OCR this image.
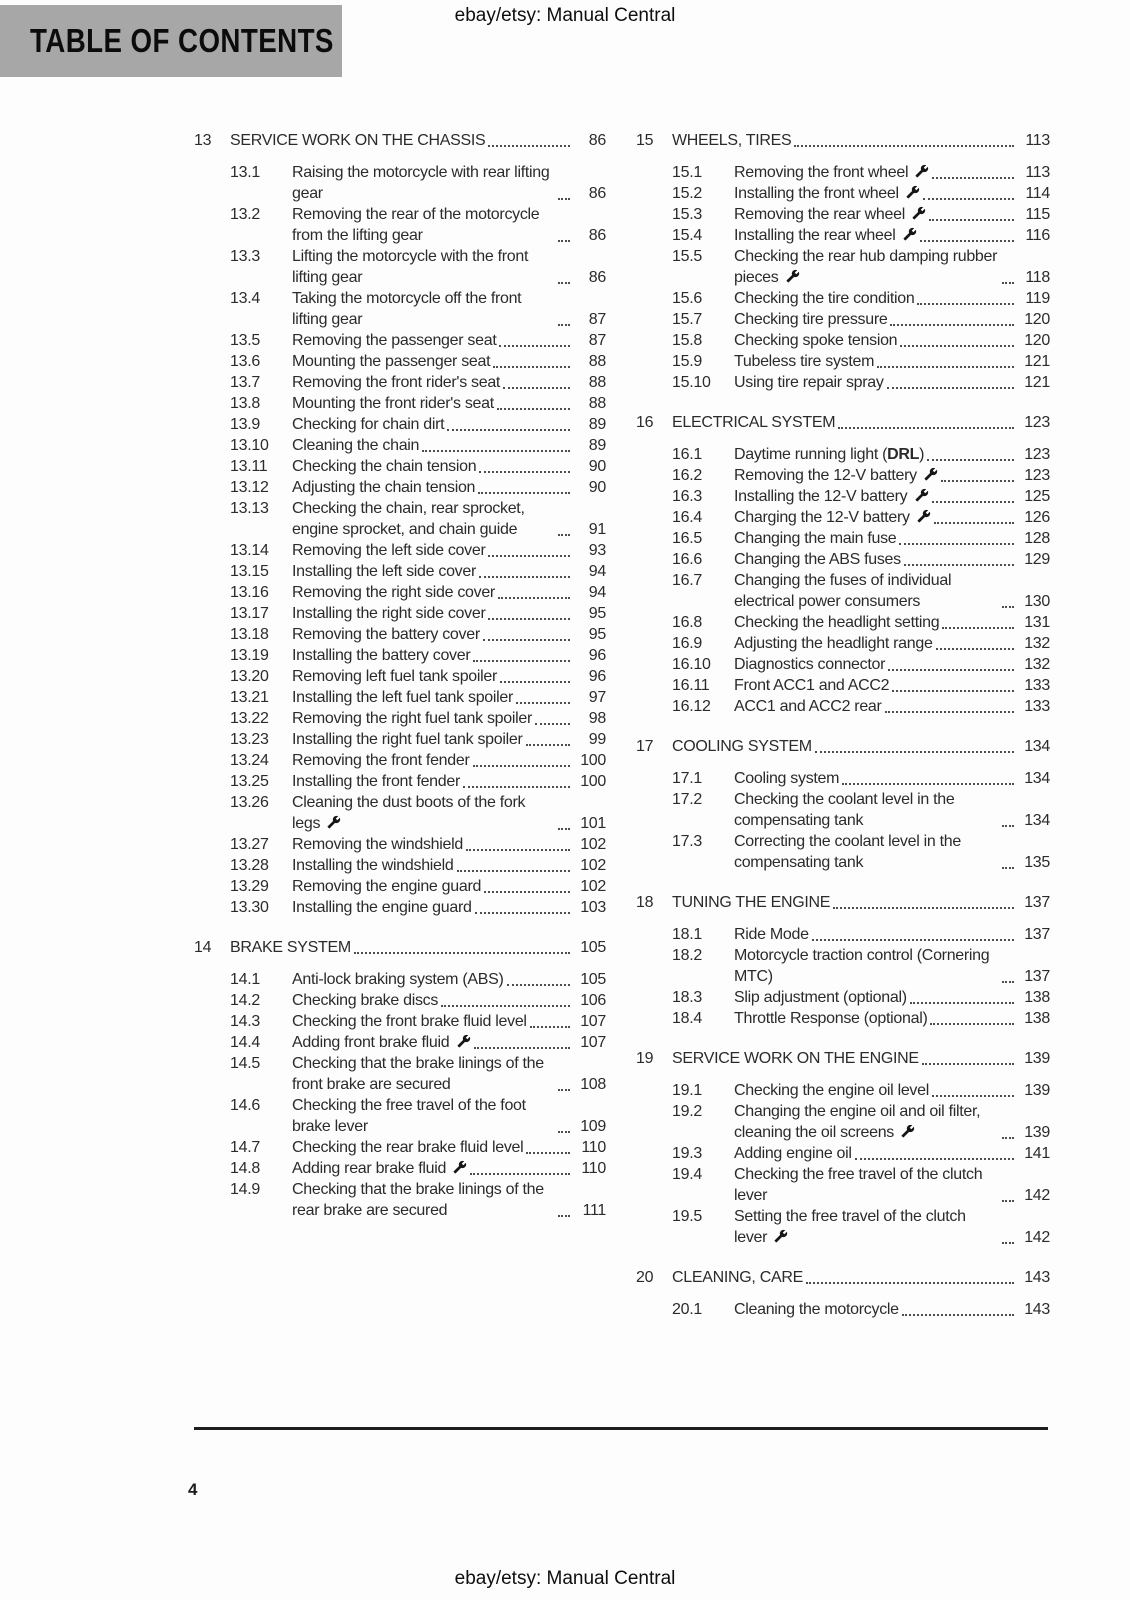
ebay/etsy: Manual Central
TABLE OF CONTENTS
13	SERVICE WORK ON THE CHASSIS	86
13.1	Raising the motorcycle with rear lifting gear	86
13.2	Removing the rear of the motorcycle from the lifting gear	86
13.3	Lifting the motorcycle with the front lifting gear	86
13.4	Taking the motorcycle off the front lifting gear	87
13.5	Removing the passenger seat	87
13.6	Mounting the passenger seat	88
13.7	Removing the front rider's seat	88
13.8	Mounting the front rider's seat	88
13.9	Checking for chain dirt	89
13.10	Cleaning the chain	89
13.11	Checking the chain tension	90
13.12	Adjusting the chain tension	90
13.13	Checking the chain, rear sprocket, engine sprocket, and chain guide	91
13.14	Removing the left side cover	93
13.15	Installing the left side cover	94
13.16	Removing the right side cover	94
13.17	Installing the right side cover	95
13.18	Removing the battery cover	95
13.19	Installing the battery cover	96
13.20	Removing left fuel tank spoiler	96
13.21	Installing the left fuel tank spoiler	97
13.22	Removing the right fuel tank spoiler	98
13.23	Installing the right fuel tank spoiler	99
13.24	Removing the front fender	100
13.25	Installing the front fender	100
13.26	Cleaning the dust boots of the fork legs	101
13.27	Removing the windshield	102
13.28	Installing the windshield	102
13.29	Removing the engine guard	102
13.30	Installing the engine guard	103
14	BRAKE SYSTEM	105
14.1	Anti-lock braking system (ABS)	105
14.2	Checking brake discs	106
14.3	Checking the front brake fluid level	107
14.4	Adding front brake fluid	107
14.5	Checking that the brake linings of the front brake are secured	108
14.6	Checking the free travel of the foot brake lever	109
14.7	Checking the rear brake fluid level	110
14.8	Adding rear brake fluid	110
14.9	Checking that the brake linings of the rear brake are secured	111
15	WHEELS, TIRES	113
15.1	Removing the front wheel	113
15.2	Installing the front wheel	114
15.3	Removing the rear wheel	115
15.4	Installing the rear wheel	116
15.5	Checking the rear hub damping rubber pieces	118
15.6	Checking the tire condition	119
15.7	Checking tire pressure	120
15.8	Checking spoke tension	120
15.9	Tubeless tire system	121
15.10	Using tire repair spray	121
16	ELECTRICAL SYSTEM	123
16.1	Daytime running light (DRL)	123
16.2	Removing the 12-V battery	123
16.3	Installing the 12-V battery	125
16.4	Charging the 12-V battery	126
16.5	Changing the main fuse	128
16.6	Changing the ABS fuses	129
16.7	Changing the fuses of individual electrical power consumers	130
16.8	Checking the headlight setting	131
16.9	Adjusting the headlight range	132
16.10	Diagnostics connector	132
16.11	Front ACC1 and ACC2	133
16.12	ACC1 and ACC2 rear	133
17	COOLING SYSTEM	134
17.1	Cooling system	134
17.2	Checking the coolant level in the compensating tank	134
17.3	Correcting the coolant level in the compensating tank	135
18	TUNING THE ENGINE	137
18.1	Ride Mode	137
18.2	Motorcycle traction control (Cornering MTC)	137
18.3	Slip adjustment (optional)	138
18.4	Throttle Response (optional)	138
19	SERVICE WORK ON THE ENGINE	139
19.1	Checking the engine oil level	139
19.2	Changing the engine oil and oil filter, cleaning the oil screens	139
19.3	Adding engine oil	141
19.4	Checking the free travel of the clutch lever	142
19.5	Setting the free travel of the clutch lever	142
20	CLEANING, CARE	143
20.1	Cleaning the motorcycle	143
4
ebay/etsy: Manual Central
